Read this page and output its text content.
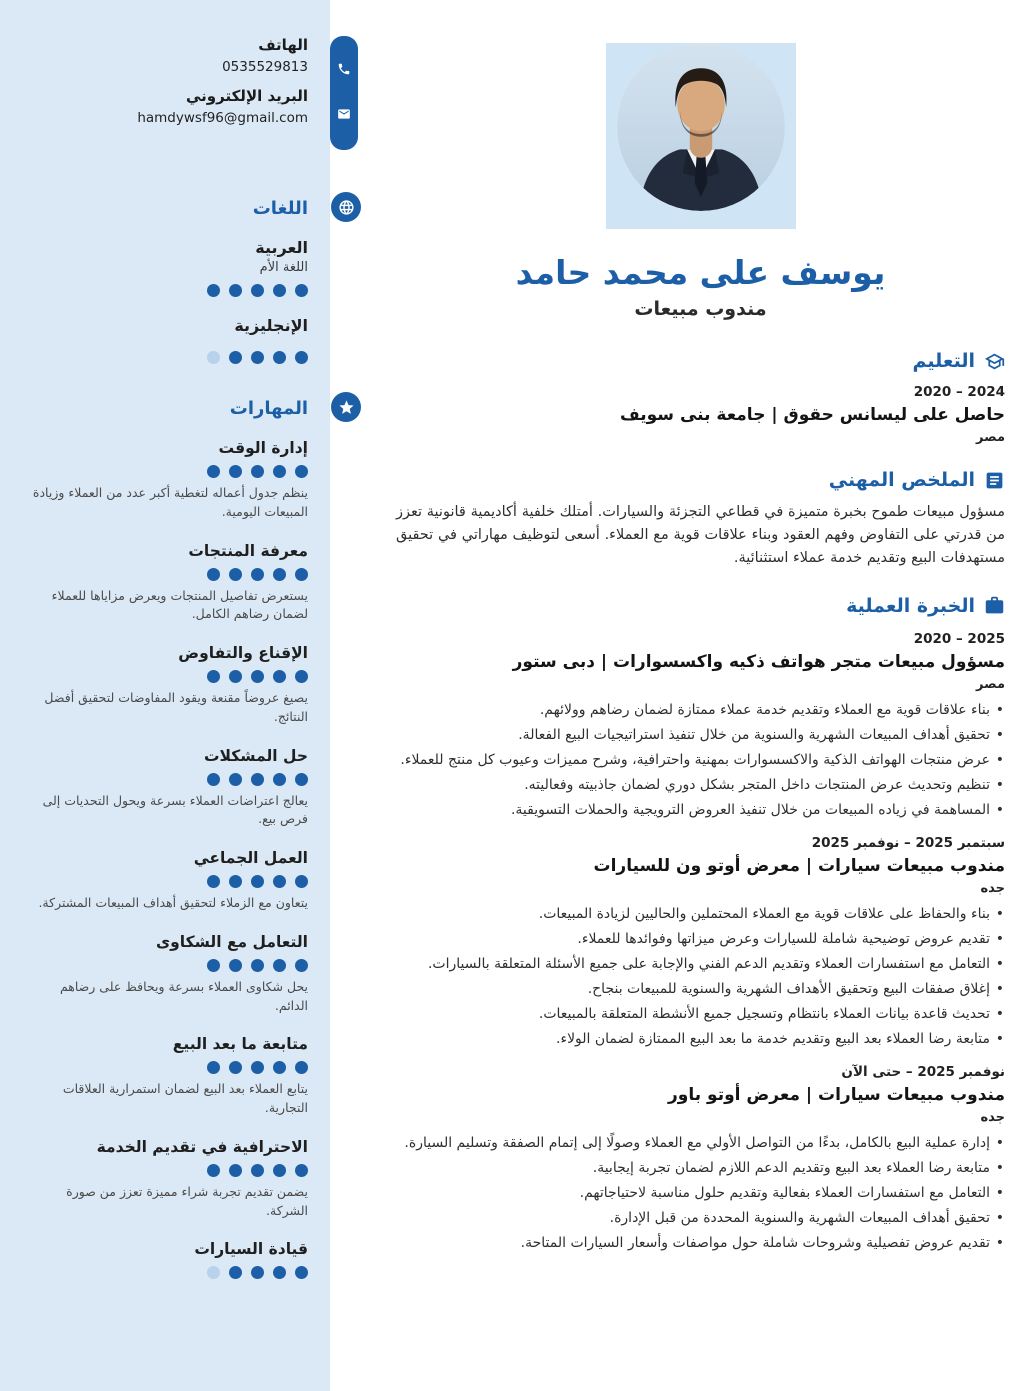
الهاتف
0535529813
البريد الإلكتروني
hamdywsf96@gmail.com
اللغات
العربية
اللغة الأم
الإنجليزية
المهارات
إدارة الوقت
ينظم جدول أعماله لتغطية أكبر عدد من العملاء وزيادة المبيعات اليومية.
معرفة المنتجات
يستعرض تفاصيل المنتجات ويعرض مزاياها للعملاء لضمان رضاهم الكامل.
الإقناع والتفاوض
يصيغ عروضاً مقنعة ويقود المفاوضات لتحقيق أفضل النتائج.
حل المشكلات
يعالج اعتراضات العملاء بسرعة ويحول التحديات إلى فرص بيع.
العمل الجماعي
يتعاون مع الزملاء لتحقيق أهداف المبيعات المشتركة.
التعامل مع الشكاوى
يحل شكاوى العملاء بسرعة ويحافظ على رضاهم الدائم.
متابعة ما بعد البيع
يتابع العملاء بعد البيع لضمان استمرارية العلاقات التجارية.
الاحترافية في تقديم الخدمة
يضمن تقديم تجربة شراء مميزة تعزز من صورة الشركة.
قيادة السيارات
يوسف على محمد حامد
مندوب مبيعات
التعليم
2020 – 2024
حاصل على ليسانس حقوق | جامعة بنى سويف
مصر
الملخص المهني

مسؤول مبيعات طموح بخبرة متميزة في قطاعي التجزئة والسيارات. أمتلك خلفية أكاديمية قانونية تعزز من قدرتي على التفاوض وفهم العقود وبناء علاقات قوية مع العملاء. أسعى لتوظيف مهاراتي في تحقيق مستهدفات البيع وتقديم خدمة عملاء استثنائية.

الخبرة العملية
2020 – 2025
مسؤول مبيعات متجر هواتف ذكيه واكسسوارات | دبى ستور
مصر
• بناء علاقات قوية مع العملاء وتقديم خدمة عملاء ممتازة لضمان رضاهم وولائهم.
• تحقيق أهداف المبيعات الشهرية والسنوية من خلال تنفيذ استراتيجيات البيع الفعالة.
• عرض منتجات الهواتف الذكية والاكسسوارات بمهنية واحترافية، وشرح مميزات وعيوب كل منتج للعملاء.
• تنظيم وتحديث عرض المنتجات داخل المتجر بشكل دوري لضمان جاذبيته وفعاليته.
• المساهمة في زياده المبيعات من خلال تنفيذ العروض الترويجية والحملات التسويقية.
سبتمبر 2025 – نوفمبر 2025
مندوب مبيعات سيارات | معرض أوتو ون للسيارات
جده
• بناء والحفاظ على علاقات قوية مع العملاء المحتملين والحاليين لزيادة المبيعات.
• تقديم عروض توضيحية شاملة للسيارات وعرض ميزاتها وفوائدها للعملاء.
• التعامل مع استفسارات العملاء وتقديم الدعم الفني والإجابة على جميع الأسئلة المتعلقة بالسيارات.
• إغلاق صفقات البيع وتحقيق الأهداف الشهرية والسنوية للمبيعات بنجاح.
• تحديث قاعدة بيانات العملاء بانتظام وتسجيل جميع الأنشطة المتعلقة بالمبيعات.
• متابعة رضا العملاء بعد البيع وتقديم خدمة ما بعد البيع الممتازة لضمان الولاء.
نوفمبر 2025 – حتى الآن
مندوب مبيعات سيارات | معرض أوتو باور
جده
• إدارة عملية البيع بالكامل، بدءًا من التواصل الأولي مع العملاء وصولًا إلى إتمام الصفقة وتسليم السيارة.
• متابعة رضا العملاء بعد البيع وتقديم الدعم اللازم لضمان تجربة إيجابية.
• التعامل مع استفسارات العملاء بفعالية وتقديم حلول مناسبة لاحتياجاتهم.
• تحقيق أهداف المبيعات الشهرية والسنوية المحددة من قبل الإدارة.
• تقديم عروض تفصيلية وشروحات شاملة حول مواصفات وأسعار السيارات المتاحة.
